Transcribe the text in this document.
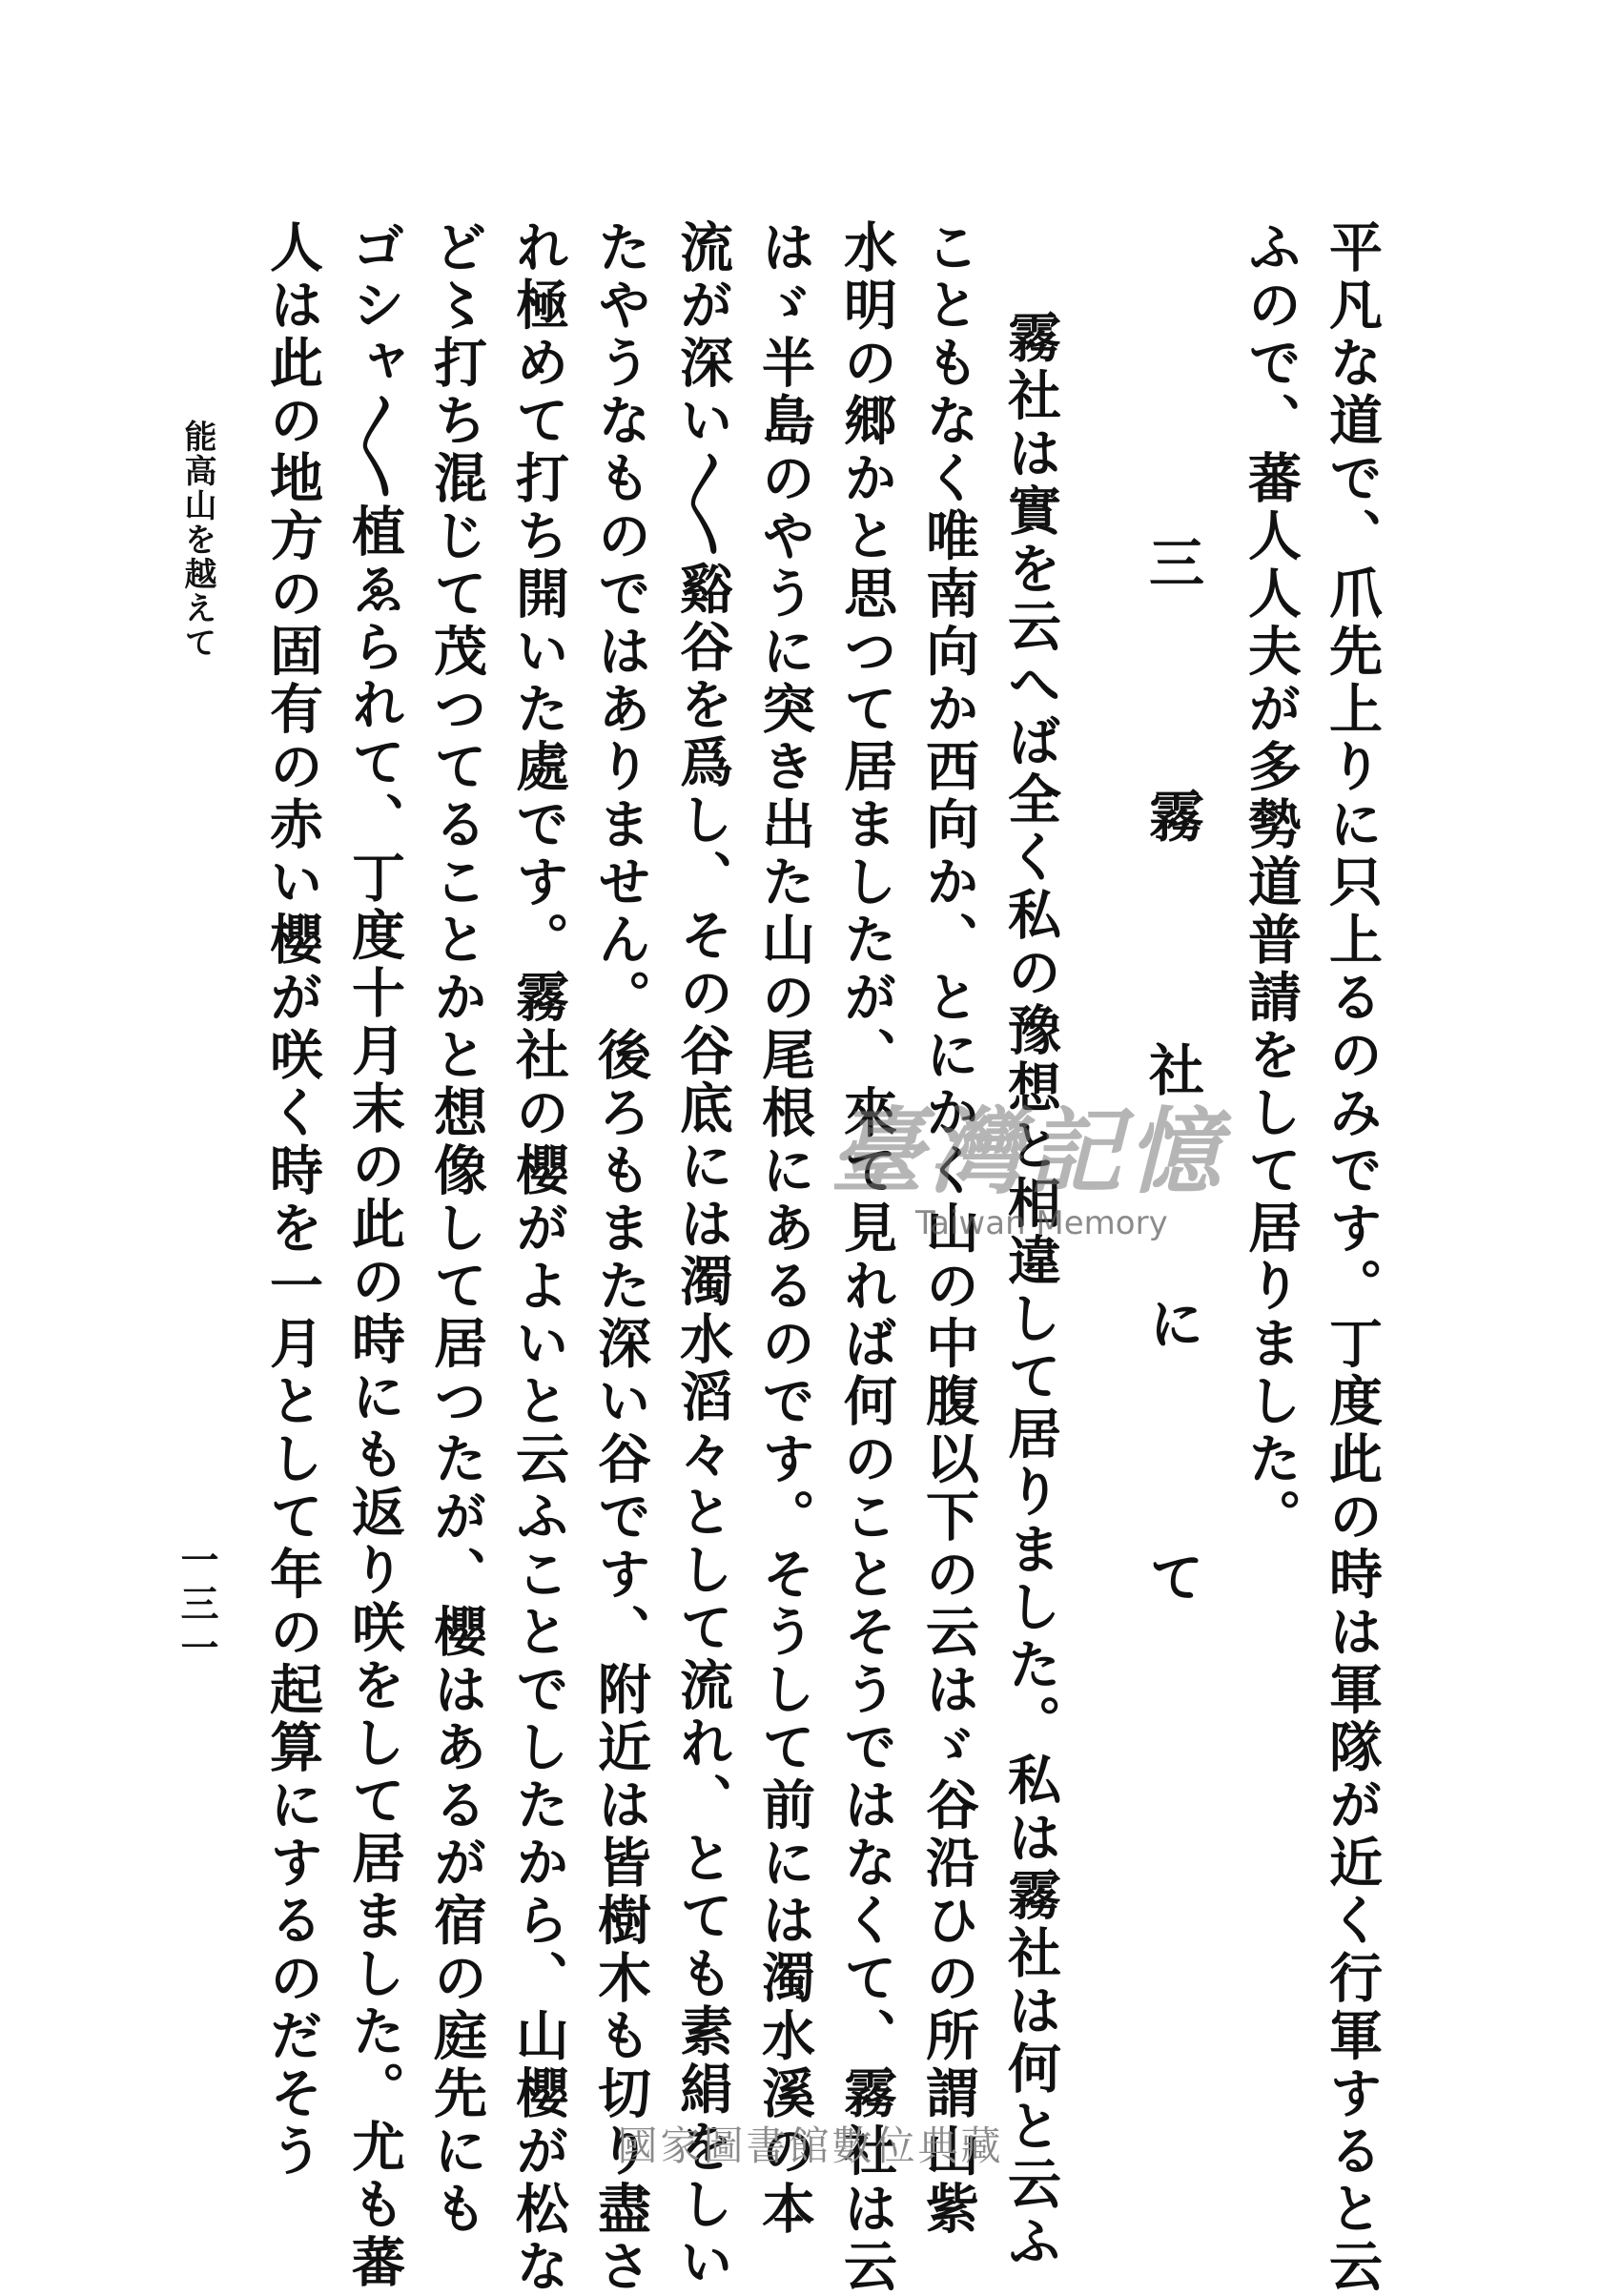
平凡な道で、爪先上りに只上るのみです。丁度此の時は軍隊が近く行軍すると云
ふので、蕃人人夫が多勢道普請をして居りました。
三 霧 社 に て
霧社は實を云へば全く私の豫想と相違して居りました。私は霧社は何と云ふ
こともなく唯南向か西向か、とにかく山の中腹以下の云はゞ谷沿ひの所謂山紫
水明の郷かと思つて居ましたが、來て見れば何のことそうではなくて、霧社は云
はゞ半島のやうに突き出た山の尾根にあるのです。そうして前には濁水溪の本
流が深い〳〵谿谷を爲し、その谷底には濁水滔々として流れ、とても素絹をしい
たやうなものではありません。後ろもまた深い谷です、附近は皆樹木も切り盡さ
れ極めて打ち開いた處です。霧社の櫻がよいと云ふことでしたから、山櫻が松な
ど〻打ち混じて茂つてることかと想像して居つたが、櫻はあるが宿の庭先にも
ゴシャ〳〵植ゑられて、丁度十月末の此の時にも返り咲をして居ました。尤も蕃
人は此の地方の固有の赤い櫻が咲く時を一月として年の起算にするのだそう
能高山を越えて
一三一
臺灣記憶
Taiwan Memory
國家圖書館數位典藏
